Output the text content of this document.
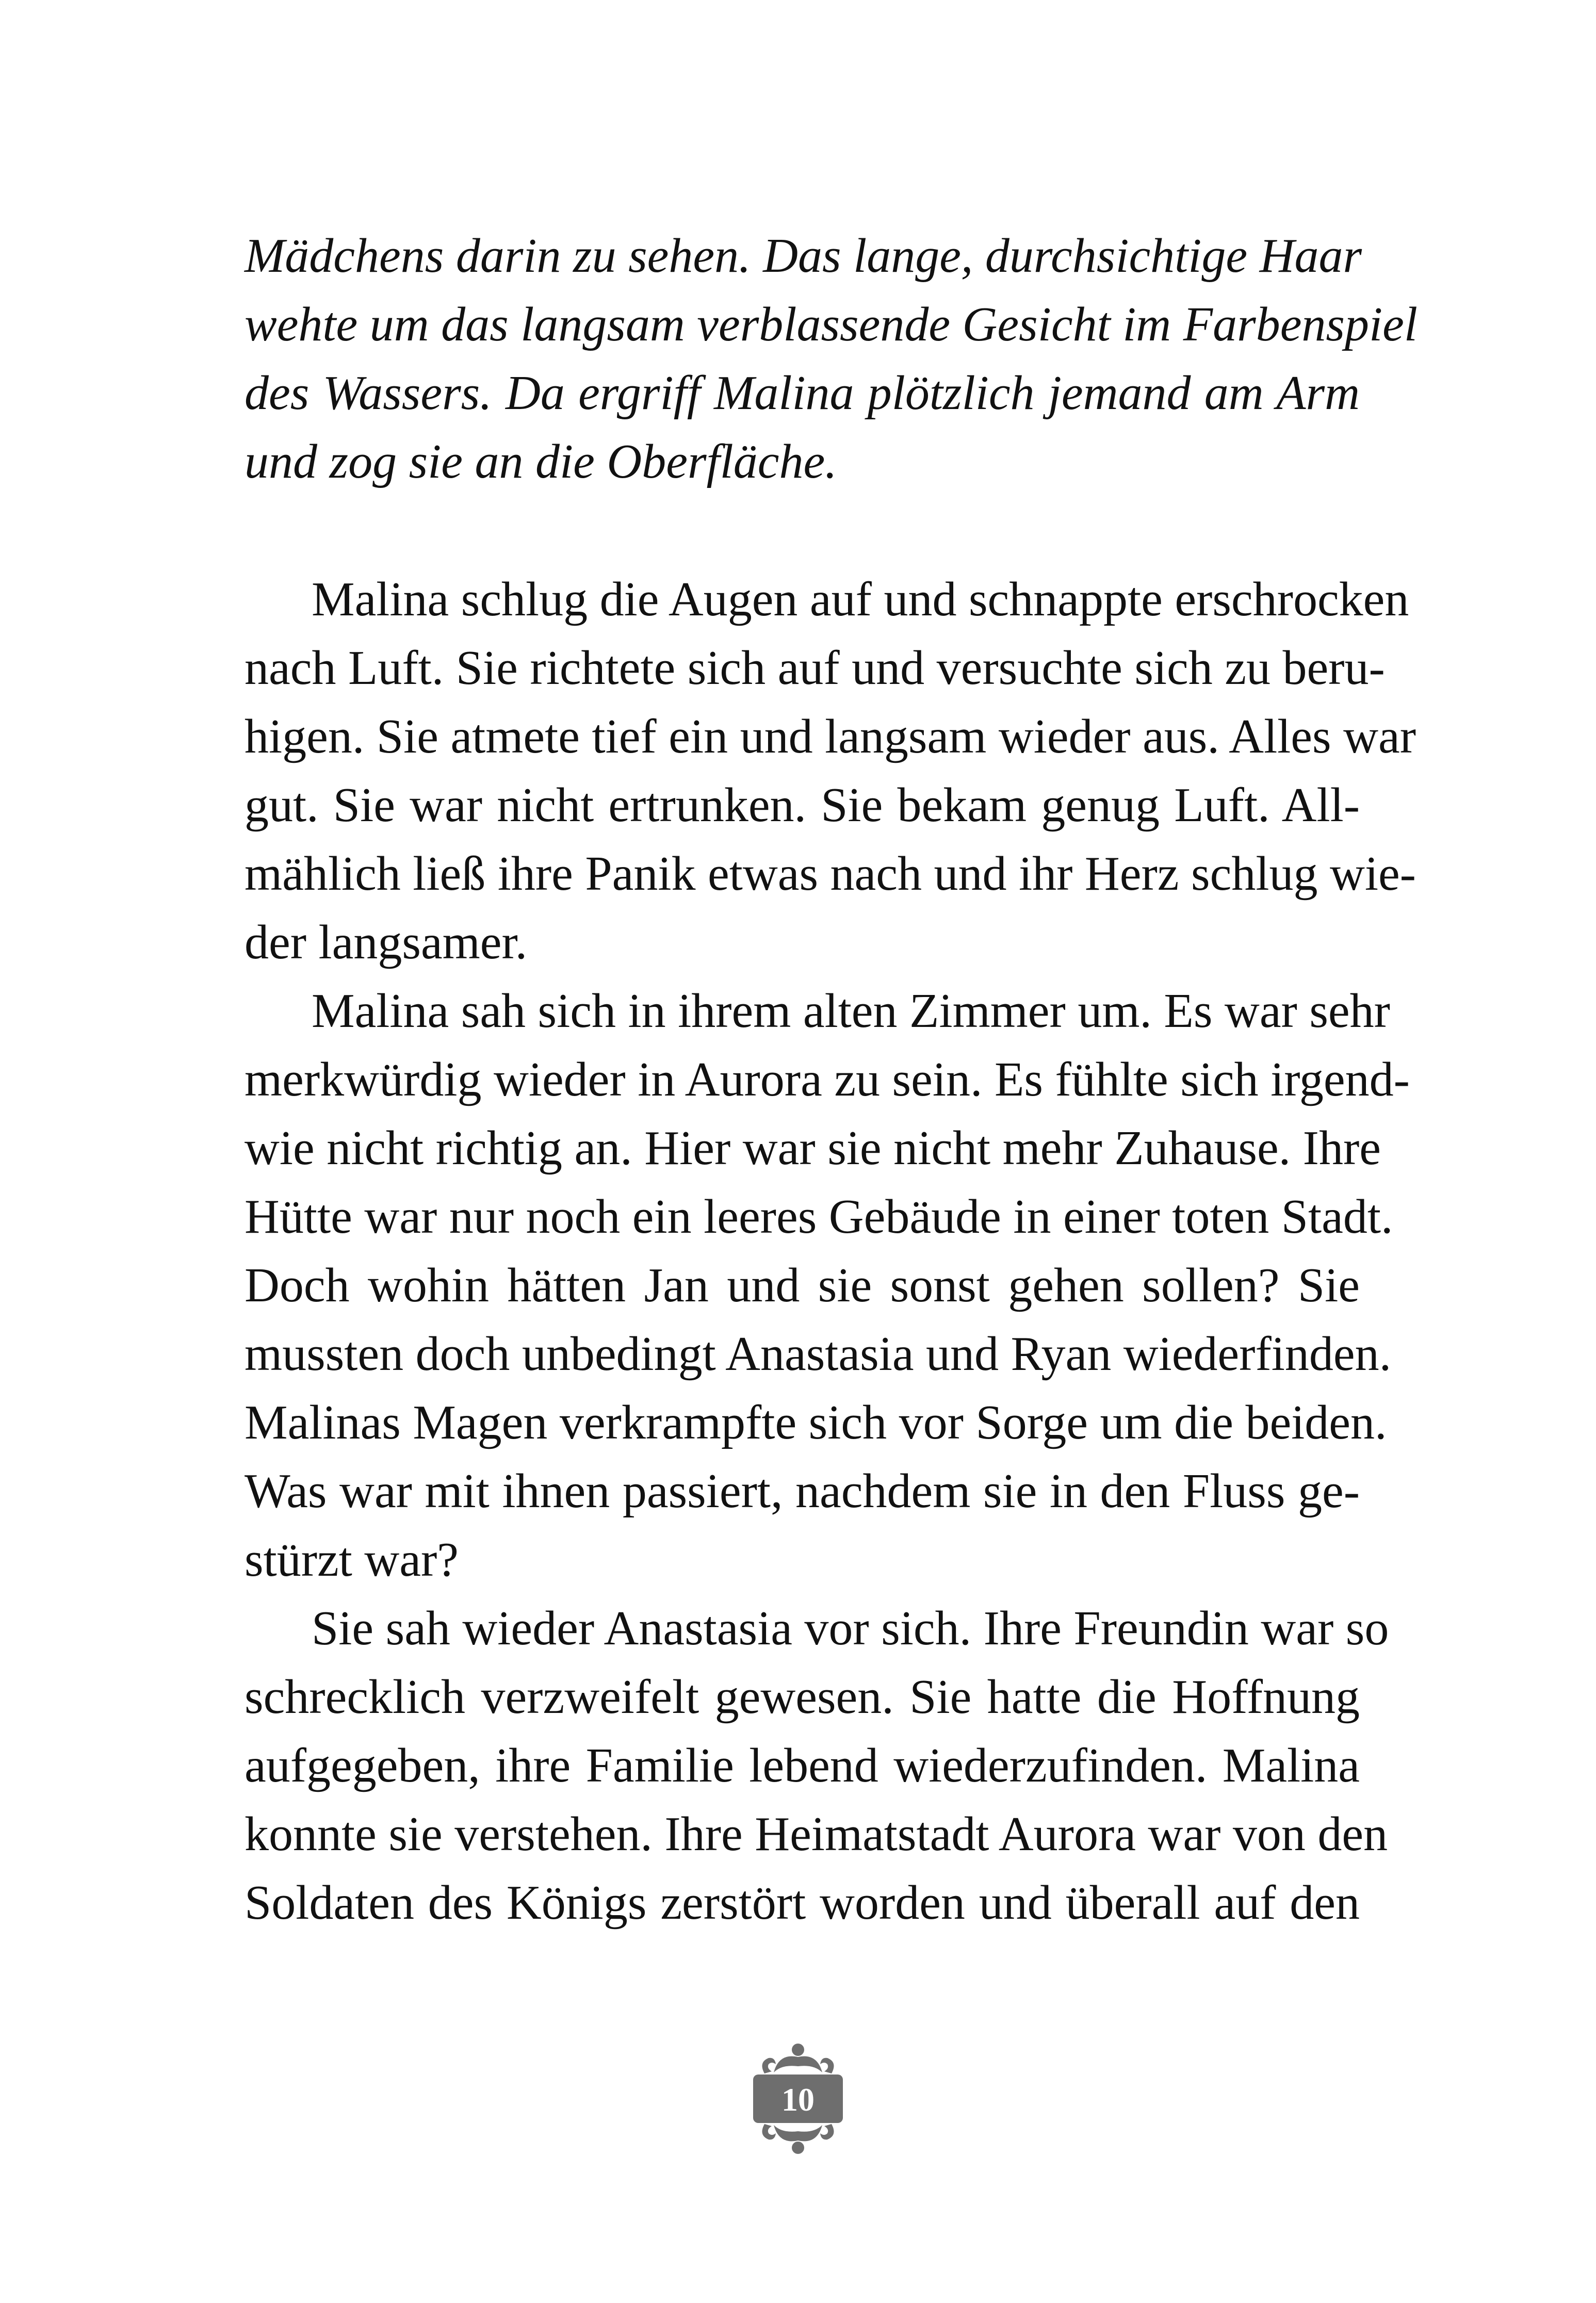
Mädchens darin zu sehen. Das lange, durchsichtige Haar
wehte um das langsam verblassende Gesicht im Farbenspiel
des Wassers. Da ergriff Malina plötzlich jemand am Arm
und zog sie an die Oberfläche.
Malina schlug die Augen auf und schnappte erschrocken
nach Luft. Sie richtete sich auf und versuchte sich zu beru-
higen. Sie atmete tief ein und langsam wieder aus. Alles war
gut. Sie war nicht ertrunken. Sie bekam genug Luft. All-
mählich ließ ihre Panik etwas nach und ihr Herz schlug wie-
der langsamer.
Malina sah sich in ihrem alten Zimmer um. Es war sehr
merkwürdig wieder in Aurora zu sein. Es fühlte sich irgend-
wie nicht richtig an. Hier war sie nicht mehr Zuhause. Ihre
Hütte war nur noch ein leeres Gebäude in einer toten Stadt.
Doch wohin hätten Jan und sie sonst gehen sollen? Sie
mussten doch unbedingt Anastasia und Ryan wiederfinden.
Malinas Magen verkrampfte sich vor Sorge um die beiden.
Was war mit ihnen passiert, nachdem sie in den Fluss ge-
stürzt war?
Sie sah wieder Anastasia vor sich. Ihre Freundin war so
schrecklich verzweifelt gewesen. Sie hatte die Hoffnung
aufgegeben, ihre Familie lebend wiederzufinden. Malina
konnte sie verstehen. Ihre Heimatstadt Aurora war von den
Soldaten des Königs zerstört worden und überall auf den
10
